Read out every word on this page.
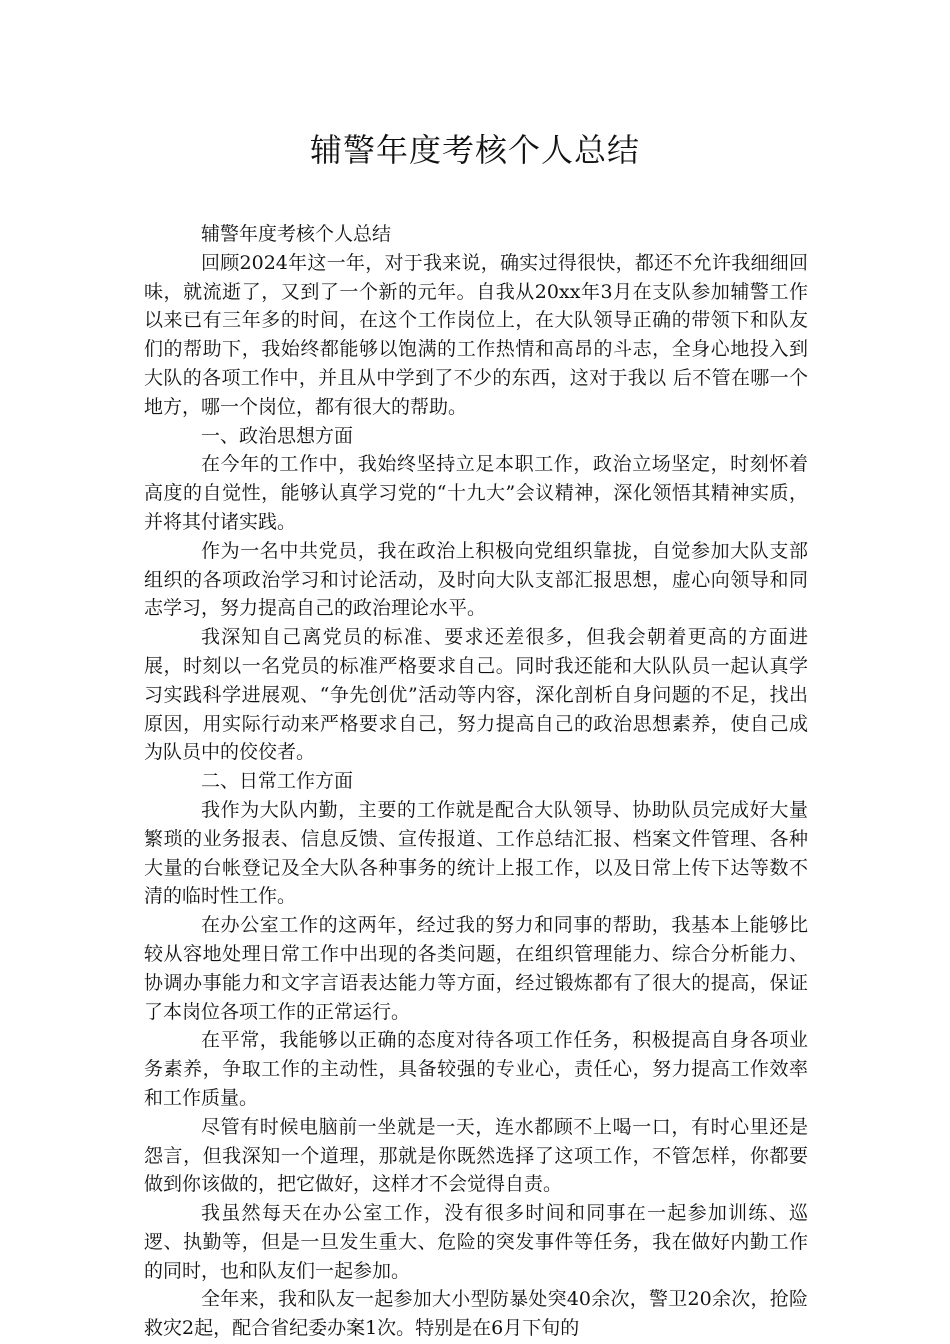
辅警年度考核个人总结

辅警年度考核个人总结

回顾2024年这一年，对于我来说，确实过得很快，都还不允许我细细回味，就流逝了，又到了一个新的元年。自我从20xx年3月在支队参加辅警工作以来已有三年多的时间，在这个工作岗位上，在大队领导正确的带领下和队友们的帮助下，我始终都能够以饱满的工作热情和高昂的斗志，全身心地投入到大队的各项工作中，并且从中学到了不少的东西，这对于我以 后不管在哪一个地方，哪一个岗位，都有很大的帮助。

一、政治思想方面

在今年的工作中，我始终坚持立足本职工作，政治立场坚定，时刻怀着高度的自觉性，能够认真学习党的“十九大”会议精神，深化领悟其精神实质，并将其付诸实践。

作为一名中共党员，我在政治上积极向党组织靠拢，自觉参加大队支部组织的各项政治学习和讨论活动，及时向大队支部汇报思想，虚心向领导和同志学习，努力提高自己的政治理论水平。

我深知自己离党员的标准、要求还差很多，但我会朝着更高的方面进展，时刻以一名党员的标准严格要求自己。同时我还能和大队队员一起认真学习实践科学进展观、“争先创优”活动等内容，深化剖析自身问题的不足，找出原因，用实际行动来严格要求自己，努力提高自己的政治思想素养，使自己成为队员中的佼佼者。

二、日常工作方面

我作为大队内勤，主要的工作就是配合大队领导、协助队员完成好大量繁琐的业务报表、信息反馈、宣传报道、工作总结汇报、档案文件管理、各种大量的台帐登记及全大队各种事务的统计上报工作，以及日常上传下达等数不清的临时性工作。

在办公室工作的这两年，经过我的努力和同事的帮助，我基本上能够比较从容地处理日常工作中出现的各类问题，在组织管理能力、综合分析能力、协调办事能力和文字言语表达能力等方面，经过锻炼都有了很大的提高，保证了本岗位各项工作的正常运行。

在平常，我能够以正确的态度对待各项工作任务，积极提高自身各项业务素养，争取工作的主动性，具备较强的专业心，责任心，努力提高工作效率和工作质量。

尽管有时候电脑前一坐就是一天，连水都顾不上喝一口，有时心里还是怨言，但我深知一个道理，那就是你既然选择了这项工作，不管怎样，你都要做到你该做的，把它做好，这样才不会觉得自责。

我虽然每天在办公室工作，没有很多时间和同事在一起参加训练、巡逻、执勤等，但是一旦发生重大、危险的突发事件等任务，我在做好内勤工作的同时，也和队友们一起参加。

全年来，我和队友一起参加大小型防暴处突40余次，警卫20余次，抢险救灾2起，配合省纪委办案1次。特别是在6月下旬的
